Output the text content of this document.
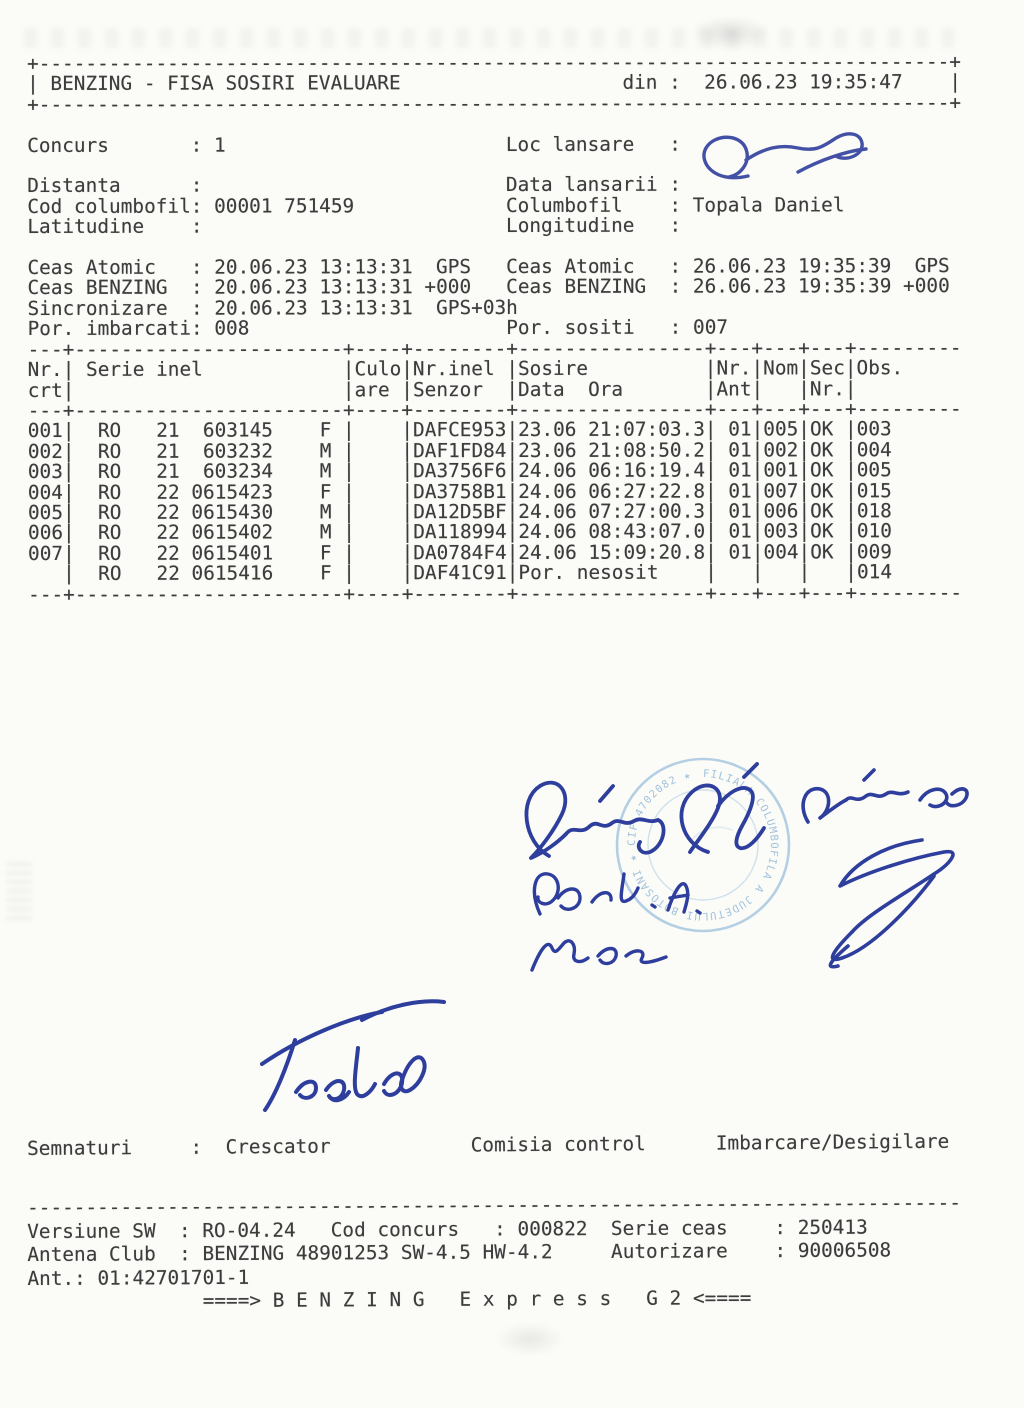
+------------------------------------------------------------------------------+
| BENZING - FISA SOSIRI EVALUARE                   din :  26.06.23 19:35:47    |
+------------------------------------------------------------------------------+

Concurs       : 1                        Loc lansare   :

Distanta      :                          Data lansarii :
Cod columbofil: 00001 751459             Columbofil    : Topala Daniel
Latitudine    :                          Longitudine   :

Ceas Atomic   : 20.06.23 13:13:31  GPS   Ceas Atomic   : 26.06.23 19:35:39  GPS
Ceas BENZING  : 20.06.23 13:13:31 +000   Ceas BENZING  : 26.06.23 19:35:39 +000
Sincronizare  : 20.06.23 13:13:31  GPS+03h
Por. imbarcati: 008                      Por. sositi   : 007
---+-----------------------+----+--------+----------------+---+---+---+---------
Nr.| Serie inel            |Culo|Nr.inel |Sosire          |Nr.|Nom|Sec|Obs.
crt|                       |are |Senzor  |Data  Ora       |Ant|   |Nr.|
---+-----------------------+----+--------+----------------+---+---+---+---------
001|  RO   21  603145    F |    |DAFCE953|23.06 21:07:03.3| 01|005|OK |003
002|  RO   21  603232    M |    |DAF1FD84|23.06 21:08:50.2| 01|002|OK |004
003|  RO   21  603234    M |    |DA3756F6|24.06 06:16:19.4| 01|001|OK |005
004|  RO   22 0615423    F |    |DA3758B1|24.06 06:27:22.8| 01|007|OK |015
005|  RO   22 0615430    M |    |DA12D5BF|24.06 07:27:00.3| 01|006|OK |018
006|  RO   22 0615402    M |    |DA118994|24.06 08:43:07.0| 01|003|OK |010
007|  RO   22 0615401    F |    |DA0784F4|24.06 15:09:20.8| 01|004|OK |009
|  RO   22 0615416    F |    |DAF41C91|Por. nesosit    |   |   |   |014
---+-----------------------+----+--------+----------------+---+---+---+---------
Semnaturi     :  Crescator            Comisia control      Imbarcare/Desigilare
--------------------------------------------------------------------------------
Versiune SW  : RO-04.24   Cod concurs   : 000822  Serie ceas    : 250413
Antena Club  : BENZING 48901253 SW-4.5 HW-4.2     Autorizare    : 90006508
Ant.: 01:42701701-1
====> B E N Z I N G   E x p r e s s   G 2 <====
FILIALA COLUMBOFILA A JUDETULUI BOTOSANI ★ CIF 4702082 ★
